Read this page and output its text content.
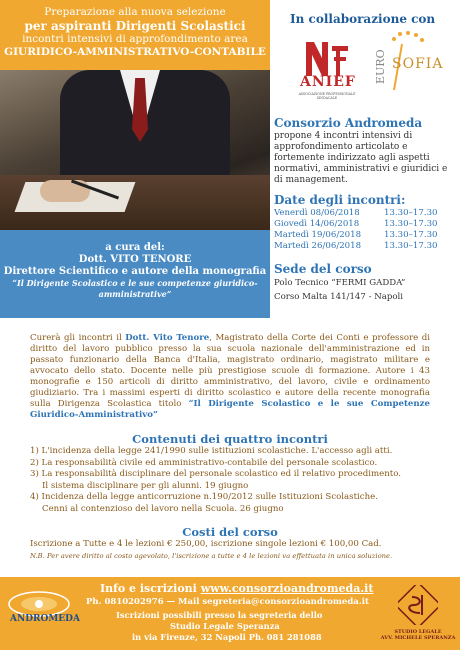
Preparazione alla nuova selezione
per aspiranti Dirigenti Scolastici
incontri intensivi di approfondimento area
GIURIDICO-AMMINISTRATIVO-CONTABILE
a cura del:
Dott. VITO TENORE
Direttore Scientifico e autore della monografia
“Il Dirigente Scolastico e le sue competenze giuridico-amministrative”
In collaborazione con
ANIEF
ASSOCIAZIONE PROFESSIONALE SINDACALE
SOFIA
EURO
Consorzio Andromeda
propone 4 incontri intensivi di
approfondimento articolato e
fortemente indirizzato agli aspetti
normativi, amministrativi e giuridici e
di management.
Date degli incontri:
Venerdì 08/06/2018	13.30–17.30
Giovedì 14/06/2018	13.30–17.30
Martedì 19/06/2018	13.30–17.30
Martedì 26/06/2018	13.30–17.30
Sede del corso
Polo Tecnico “FERMI GADDA”
Corso Malta 141/147 - Napoli
Curerà gli incontri il Dott. Vito Tenore, Magistrato della Corte dei Conti e professore di diritto del lavoro pubblico presso la sua scuola nazionale dell'amministrazione ed in passato funzionario della Banca d'Italia, magistrato ordinario, magistrato militare e avvocato dello stato. Docente nelle più prestigiose scuole di formazione. Autore i 43 monografie e 150 articoli di diritto amministrativo, del lavoro, civile e ordinamento giudiziario. Tra i massimi esperti di diritto scolastico e autore della recente monografia sulla Dirigenza Scolastica titolo “Il Dirigente Scolastico e le sue Competenze Giuridico-Amministrativo”
Contenuti dei quattro incontri
1) L'incidenza della legge 241/1990 sulle istituzioni scolastiche. L'accesso agli atti.
2) La responsabilità civile ed amministrativo-contabile del personale scolastico.
3) La responsabilità disciplinare del personale scolastico ed il relativo procedimento.
Il sistema disciplinare per gli alunni. 19 giugno
4) Incidenza della legge anticorruzione n.190/2012 sulle Istituzioni Scolastiche.
Cenni al contenzioso del lavoro nella Scuola. 26 giugno
Costi del corso
Iscrizione a Tutte e 4 le lezioni € 250,00, iscrizione singole lezioni € 100,00 Cad.
N.B. Per avere diritto al costo agevolato, l'iscrizione a tutte e 4 le lezioni va effettuata in unica soluzione.
Info e iscrizioni www.consorzioandromeda.it
Ph. 0810202976 — Mail segreteria@consorzioandromeda.it
Iscrizioni possibili presso la segreteria dello
Studio Legale Speranza
in via Firenze, 32 Napoli Ph. 081 281088
ANDROMEDA
STUDIO LEGALE
AVV. MICHELE SPERANZA
